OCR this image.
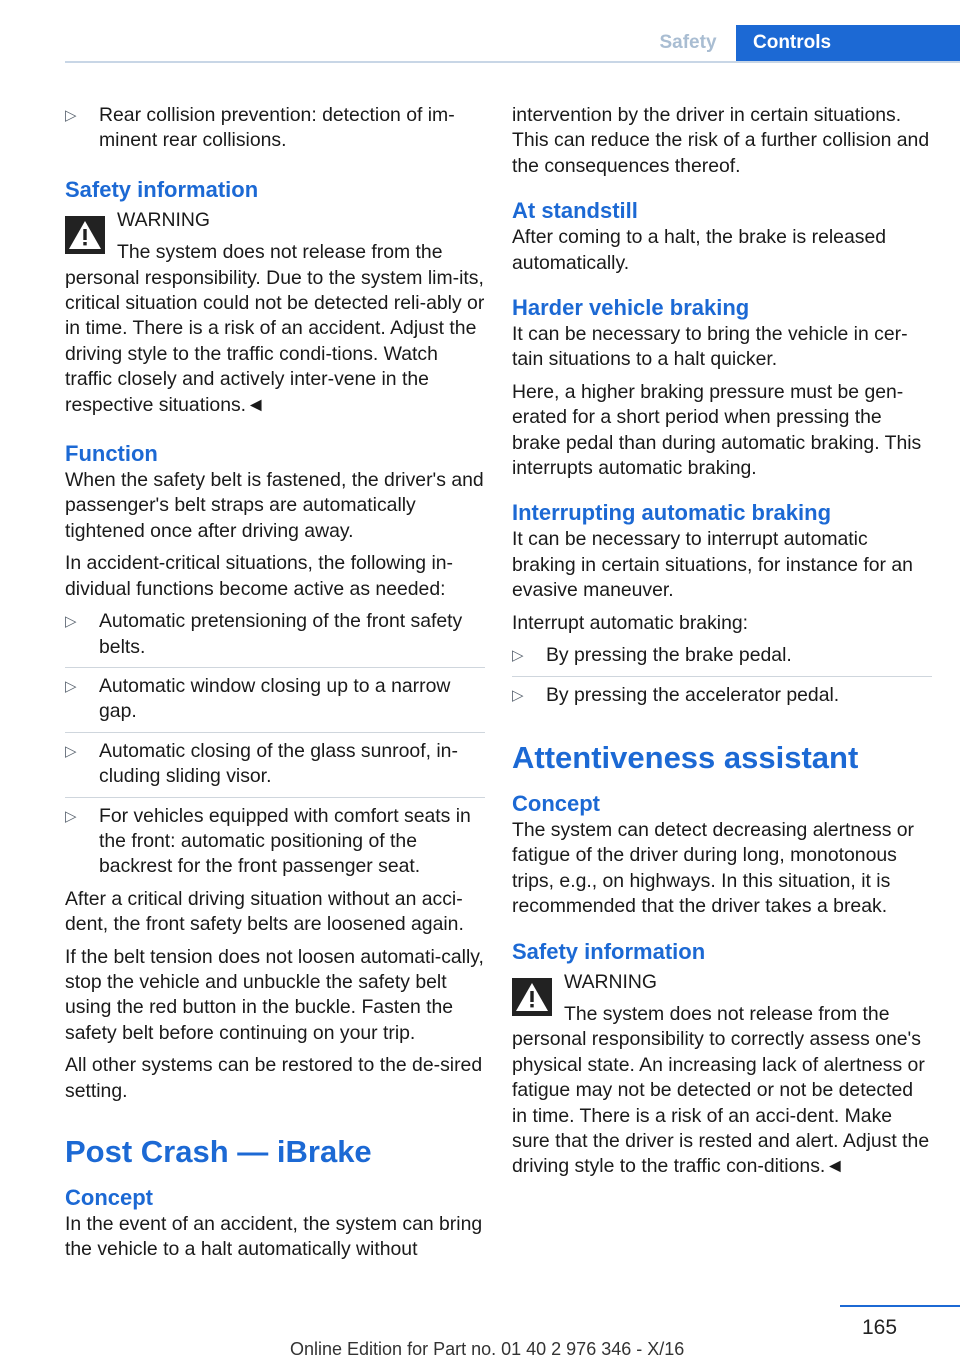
Safety	Controls
▷ Rear collision prevention: detection of im‐minent rear collisions.
Safety information
WARNING
The system does not release from the

personal responsibility. Due to the system lim‐its, critical situation could not be detected reli‐ably or in time. There is a risk of an accident. Adjust the driving style to the traffic condi‐tions. Watch traffic closely and actively inter‐vene in the respective situations.◄

Function

When the safety belt is fastened, the driver's and passenger's belt straps are automatically tightened once after driving away.

In accident-critical situations, the following in‐dividual functions become active as needed:

▷ Automatic pretensioning of the front safety belts.
▷ Automatic window closing up to a narrow gap.
▷ Automatic closing of the glass sunroof, in‐cluding sliding visor.
▷ For vehicles equipped with comfort seats in the front: automatic positioning of the backrest for the front passenger seat.

After a critical driving situation without an acci‐dent, the front safety belts are loosened again.

If the belt tension does not loosen automati‐cally, stop the vehicle and unbuckle the safety belt using the red button in the buckle. Fasten the safety belt before continuing on your trip.

All other systems can be restored to the de‐sired setting.

Post Crash — iBrake
Concept

In the event of an accident, the system can bring the vehicle to a halt automatically without

intervention by the driver in certain situations. This can reduce the risk of a further collision and the consequences thereof.

At standstill

After coming to a halt, the brake is released automatically.

Harder vehicle braking

It can be necessary to bring the vehicle in cer‐tain situations to a halt quicker.

Here, a higher braking pressure must be gen‐erated for a short period when pressing the brake pedal than during automatic braking. This interrupts automatic braking.

Interrupting automatic braking

It can be necessary to interrupt automatic braking in certain situations, for instance for an evasive maneuver.

Interrupt automatic braking:

▷ By pressing the brake pedal.
▷ By pressing the accelerator pedal.
Attentiveness assistant
Concept

The system can detect decreasing alertness or fatigue of the driver during long, monotonous trips, e.g., on highways. In this situation, it is recommended that the driver takes a break.

Safety information
WARNING
The system does not release from the

personal responsibility to correctly assess one's physical state. An increasing lack of alertness or fatigue may not be detected or not be detected in time. There is a risk of an acci‐dent. Make sure that the driver is rested and alert. Adjust the driving style to the traffic con‐ditions.◄

165
Online Edition for Part no. 01 40 2 976 346 - X/16
